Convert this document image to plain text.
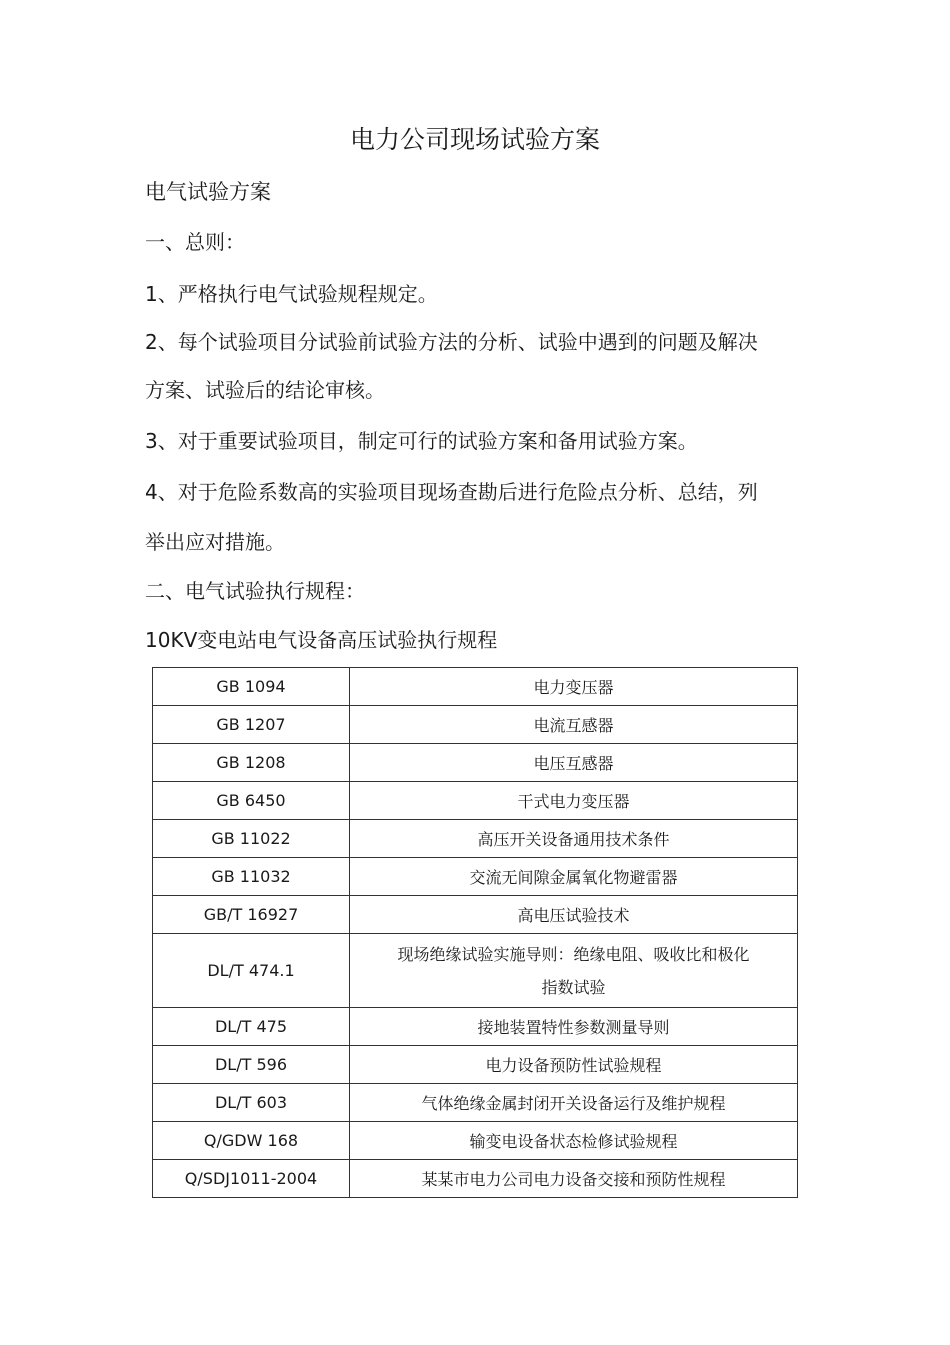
电力公司现场试验方案
电气试验方案
一、总则：
1、严格执行电气试验规程规定。
2、每个试验项目分试验前试验方法的分析、试验中遇到的问题及解决
方案、试验后的结论审核。
3、对于重要试验项目，制定可行的试验方案和备用试验方案。
4、对于危险系数高的实验项目现场查勘后进行危险点分析、总结，列
举出应对措施。
二、电气试验执行规程：
10KV变电站电气设备高压试验执行规程
GB 1094	电力变压器
GB 1207	电流互感器
GB 1208	电压互感器
GB 6450	干式电力变压器
GB 11022	高压开关设备通用技术条件
GB 11032	交流无间隙金属氧化物避雷器
GB/T 16927	高电压试验技术
DL/T 474.1	现场绝缘试验实施导则：绝缘电阻、吸收比和极化
指数试验

DL/T 475	接地装置特性参数测量导则
DL/T 596	电力设备预防性试验规程
DL/T 603	气体绝缘金属封闭开关设备运行及维护规程
Q/GDW 168	输变电设备状态检修试验规程
Q/SDJ1011-2004	某某市电力公司电力设备交接和预防性规程
